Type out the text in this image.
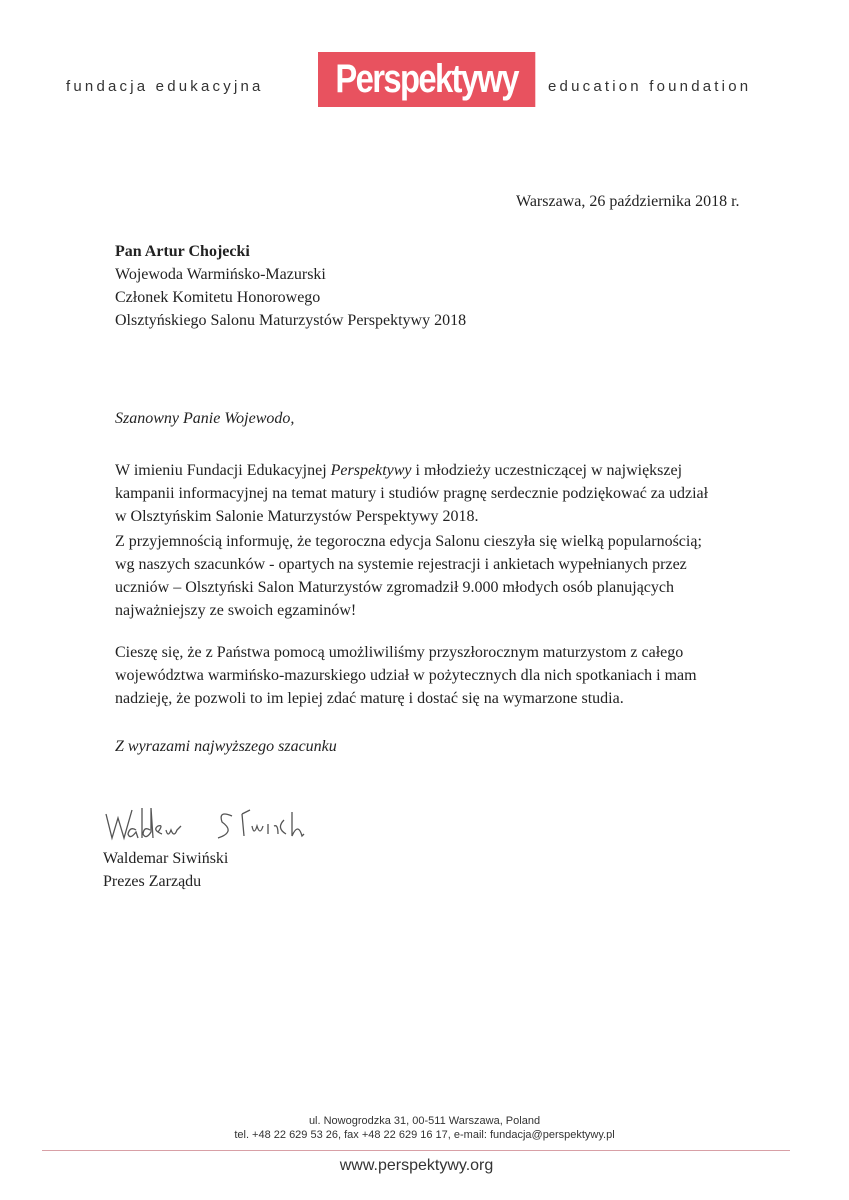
fundacja edukacyjna	Perspektywy	education foundation
Warszawa, 26 października 2018 r.
Pan Artur Chojecki
Wojewoda Warmińsko-Mazurski
Członek Komitetu Honorowego
Olsztyńskiego Salonu Maturzystów Perspektywy 2018
Szanowny Panie Wojewodo,
W imieniu Fundacji Edukacyjnej Perspektywy i młodzieży uczestniczącej w największej
kampanii informacyjnej na temat matury i studiów pragnę serdecznie podziękować za udział
w Olsztyńskim Salonie Maturzystów Perspektywy 2018.
Z przyjemnością informuję, że tegoroczna edycja Salonu cieszyła się wielką popularnością;
wg naszych szacunków - opartych na systemie rejestracji i ankietach wypełnianych przez
uczniów – Olsztyński Salon Maturzystów zgromadził 9.000 młodych osób planujących
najważniejszy ze swoich egzaminów!
Cieszę się, że z Państwa pomocą umożliwiliśmy przyszłorocznym maturzystom z całego
województwa warmińsko-mazurskiego udział w pożytecznych dla nich spotkaniach i mam
nadzieję, że pozwoli to im lepiej zdać maturę i dostać się na wymarzone studia.
Z wyrazami najwyższego szacunku
Waldemar Siwiński
Prezes Zarządu
ul. Nowogrodzka 31, 00-511 Warszawa, Poland
tel. +48 22 629 53 26, fax +48 22 629 16 17, e-mail: fundacja@perspektywy.pl
www.perspektywy.org
